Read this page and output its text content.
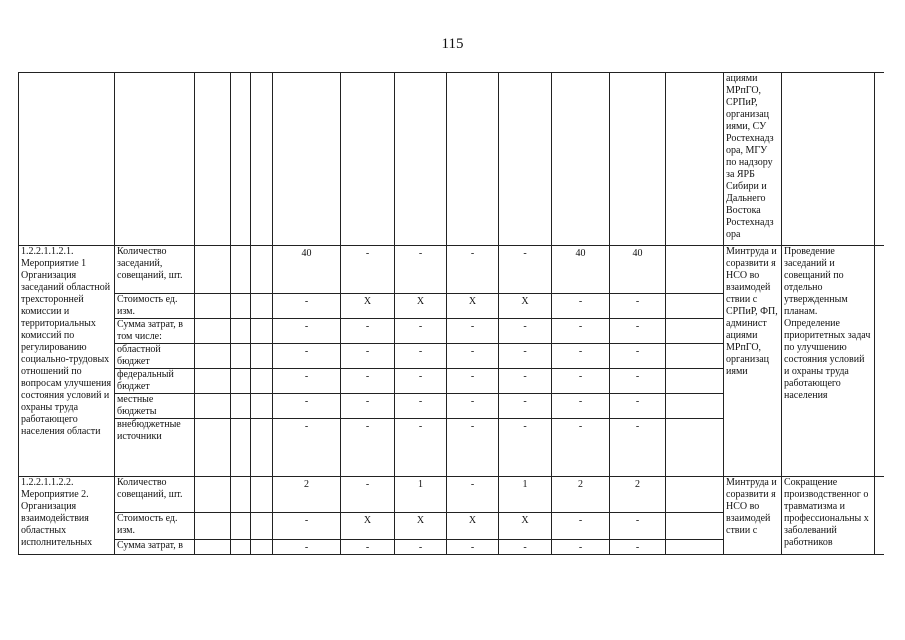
115
													ациями МРпГО, СРПиР, организац иями, СУ Ростехнадз ора, МГУ по надзору за ЯРБ Сибири и Дальнего Востока Ростехнадз ора		
1.2.2.1.1.2.1. Мероприятие 1 Организация заседаний областной трехсторонней комиссии и территориальных комиссий по регулированию социально-трудовых отношений по вопросам улучшения состояния условий и охраны труда работающего населения области	Количество заседаний, совещаний, шт.				40	-	-	-	-	40	40		Минтруда и соразвити я НСО во взаимодей ствии с СРПиР, ФП, админист ациями МРпГО, организац иями	Проведение заседаний и совещаний по отдельно утвержденным планам. Определение приоритетных задач по улучшению состояния условий и охраны труда работающего населения	
	Стоимость ед. изм.				-	X	X	X	X	-	-				
	Сумма затрат, в том числе:				-	-	-	-	-	-	-				
	областной бюджет				-	-	-	-	-	-	-				
	федеральный бюджет				-	-	-	-	-	-	-				
	местные бюджеты				-	-	-	-	-	-	-				
	внебюджетные источники				-	-	-	-	-	-	-				
1.2.2.1.1.2.2. Мероприятие 2. Организация взаимодействия областных исполнительных	Количество совещаний, шт.				2	-	1	-	1	2	2		Минтруда и соразвити я НСО во взаимодей ствии с	Сокращение производственног о травматизма и профессиональны х заболеваний работников	
	Стоимость ед. изм.				-	X	X	X	X	-	-				
	Сумма затрат, в				-	-	-	-	-	-	-				
